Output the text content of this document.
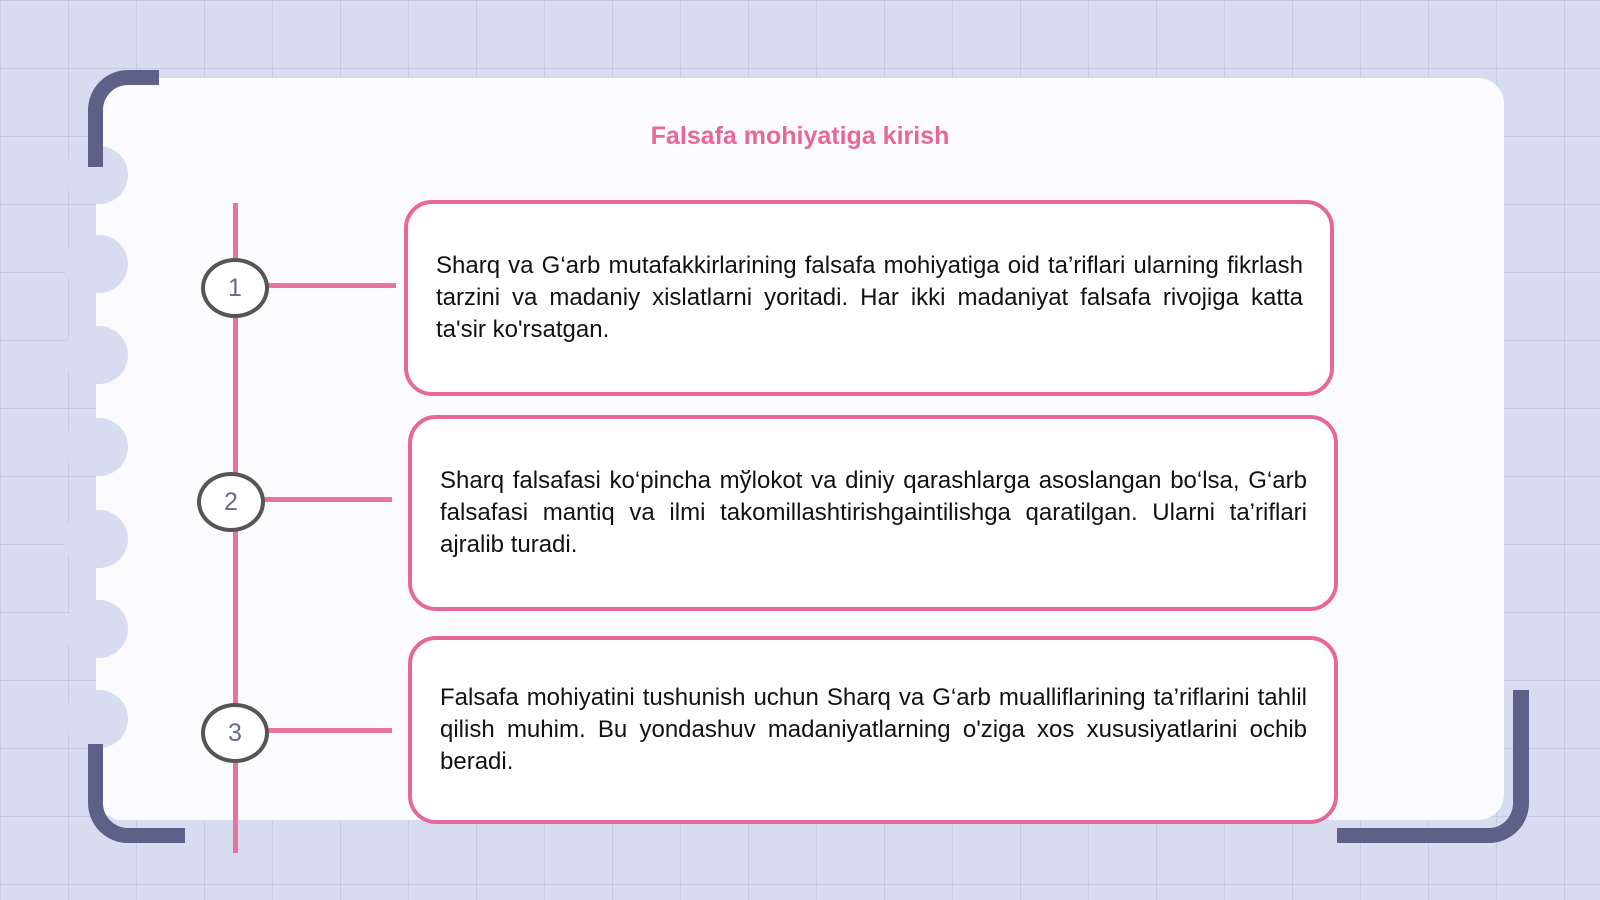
Falsafa mohiyatiga kirish
1

Sharq va G‘arb mutafakkirlarining falsafa mohiyatiga oid ta’riflari ularning fikrlash tarzini va madaniy xislatlarni yoritadi. Har ikki madaniyat falsafa rivojiga katta ta'sir ko'rsatgan.

2

Sharq falsafasi ko‘pincha mўlokot va diniy qarashlarga asoslangan bo‘lsa, G‘arb falsafasi mantiq va ilmi takomillashtirishgaintilishga qaratilgan. Ularni ta’riflari ajralib turadi.

3

Falsafa mohiyatini tushunish uchun Sharq va G‘arb mualliflarining ta’riflarini tahlil qilish muhim. Bu yondashuv madaniyatlarning o'ziga xos xususiyatlarini ochib beradi.
